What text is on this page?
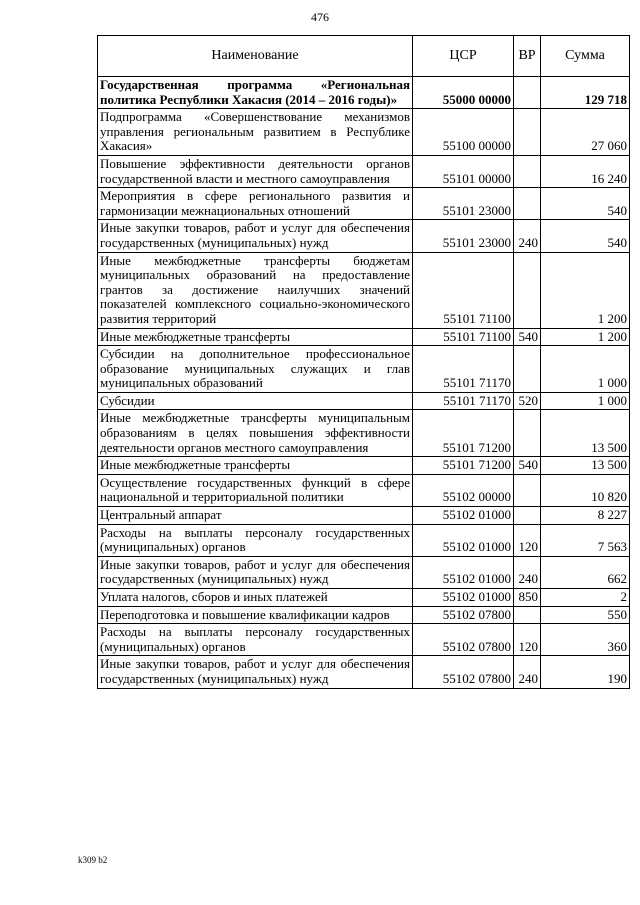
476
Наименование	ЦСР	ВР	Сумма
Государственная программа «Региональная политика Республики Хакасия (2014 – 2016 годы)»	55000 00000		129 718
Подпрограмма «Совершенствование механизмов управления региональным развитием в Республике Хакасия»	55100 00000		27 060
Повышение эффективности деятельности органов государственной власти и местного самоуправления	55101 00000		16 240
Мероприятия в сфере регионального развития и гармонизации межнациональных отношений	55101 23000		540
Иные закупки товаров, работ и услуг для обеспечения государственных (муниципальных) нужд	55101 23000	240	540
Иные межбюджетные трансферты бюджетам муниципальных образований на предоставление грантов за достижение наилучших значений показателей комплексного социально-экономического развития территорий	55101 71100		1 200
Иные межбюджетные трансферты	55101 71100	540	1 200
Субсидии на дополнительное профессиональное образование муниципальных служащих и глав муниципальных образований	55101 71170		1 000
Субсидии	55101 71170	520	1 000
Иные межбюджетные трансферты муниципальным образованиям в целях повышения эффективности деятельности органов местного самоуправления	55101 71200		13 500
Иные межбюджетные трансферты	55101 71200	540	13 500
Осуществление государственных функций в сфере национальной и территориальной политики	55102 00000		10 820
Центральный аппарат	55102 01000		8 227
Расходы на выплаты персоналу государственных (муниципальных) органов	55102 01000	120	7 563
Иные закупки товаров, работ и услуг для обеспечения государственных (муниципальных) нужд	55102 01000	240	662
Уплата налогов, сборов и иных платежей	55102 01000	850	2
Переподготовка и повышение квалификации кадров	55102 07800		550
Расходы на выплаты персоналу государственных (муниципальных) органов	55102 07800	120	360
Иные закупки товаров, работ и услуг для обеспечения государственных (муниципальных) нужд	55102 07800	240	190
k309 b2
